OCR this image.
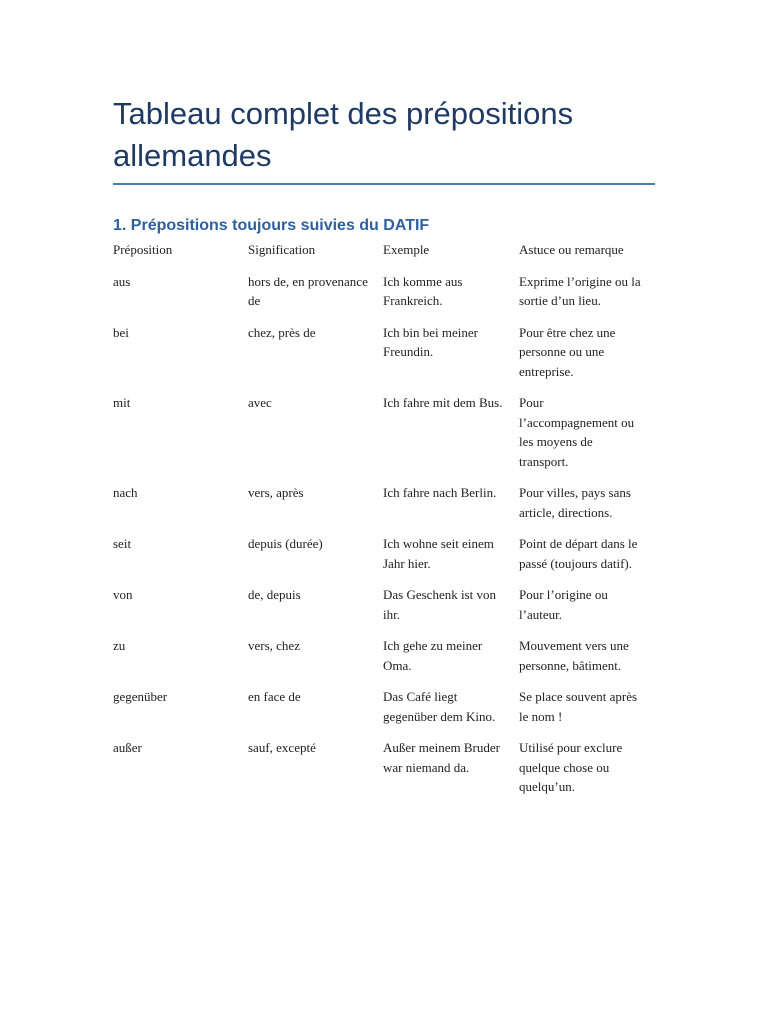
Tableau complet des prépositions allemandes
1. Prépositions toujours suivies du DATIF
Préposition	Signification	Exemple	Astuce ou remarque
aus	hors de, en provenance de	Ich komme aus Frankreich.	Exprime l’origine ou la sortie d’un lieu.
bei	chez, près de	Ich bin bei meiner Freundin.	Pour être chez une personne ou une entreprise.
mit	avec	Ich fahre mit dem Bus.	Pour l’accompagnement ou les moyens de transport.
nach	vers, après	Ich fahre nach Berlin.	Pour villes, pays sans article, directions.
seit	depuis (durée)	Ich wohne seit einem Jahr hier.	Point de départ dans le passé (toujours datif).
von	de, depuis	Das Geschenk ist von ihr.	Pour l’origine ou l’auteur.
zu	vers, chez	Ich gehe zu meiner Oma.	Mouvement vers une personne, bâtiment.
gegenüber	en face de	Das Café liegt gegenüber dem Kino.	Se place souvent après le nom !
außer	sauf, excepté	Außer meinem Bruder war niemand da.	Utilisé pour exclure quelque chose ou quelqu’un.
